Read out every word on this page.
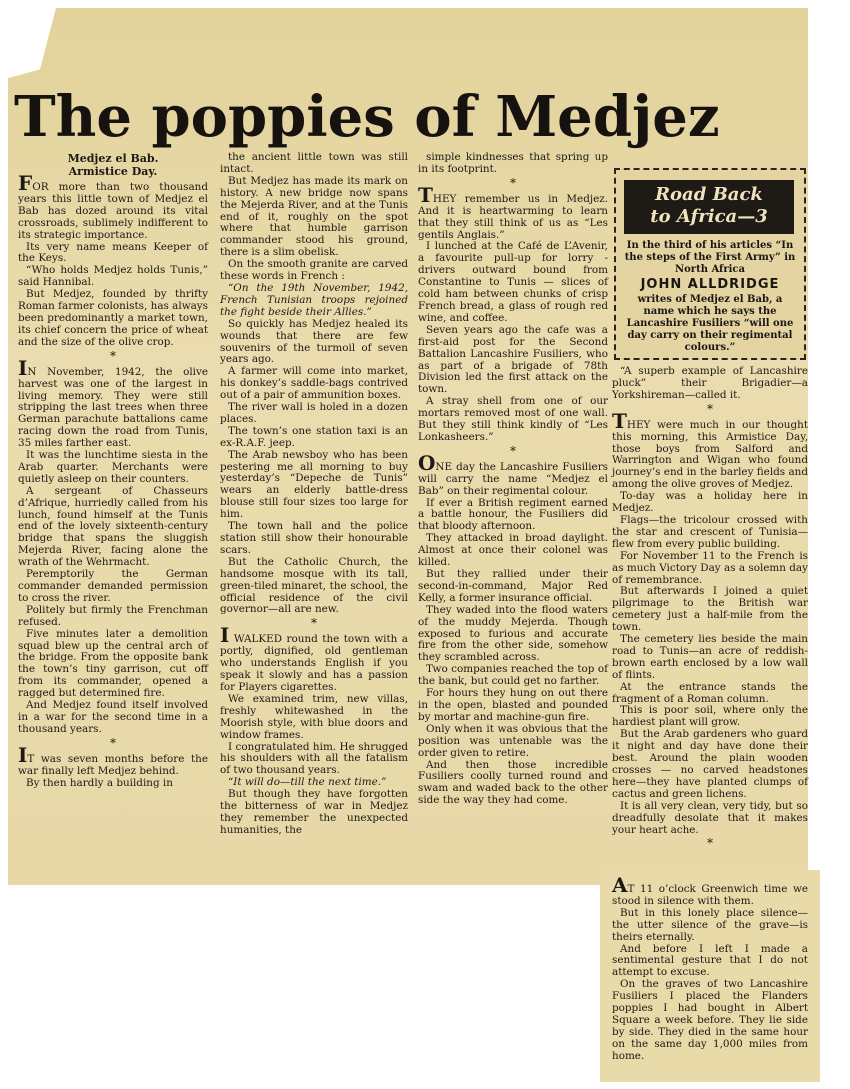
The poppies of Medjez
Road Back
to Africa—3
In the third of his articles “In the steps of the First Army” in North Africa
JOHN ALLDRIDGE
writes of Medjez el Bab, a name which he says the Lancashire Fusiliers “will one day carry on their regimental colours.”

Medjez el Bab.

Armistice Day.

FOR more than two thousand years this little town of Medjez el Bab has dozed around its vital crossroads, sublimely indifferent to its strategic importance.

Its very name means Keeper of the Keys.

“Who holds Medjez holds Tunis,” said Hannibal.

But Medjez, founded by thrifty Roman farmer colonists, has always been predominantly a market town, its chief concern the price of wheat and the size of the olive crop.

*

IN November, 1942, the olive harvest was one of the largest in living memory. They were still stripping the last trees when three German parachute battalions came racing down the road from Tunis, 35 miles farther east.

It was the lunchtime siesta in the Arab quarter. Merchants were quietly asleep on their counters.

A sergeant of Chasseurs d’Afrique, hurriedly called from his lunch, found himself at the Tunis end of the lovely sixteenth-century bridge that spans the sluggish Mejerda River, facing alone the wrath of the Wehrmacht.

Peremptorily the German commander demanded permission to cross the river.

Politely but firmly the Frenchman refused.

Five minutes later a demolition squad blew up the central arch of the bridge. From the opposite bank the town’s tiny garrison, cut off from its commander, opened a ragged but determined fire.

And Medjez found itself involved in a war for the second time in a thousand years.

*

IT was seven months before the war finally left Medjez behind.

By then hardly a building in

the ancient little town was still intact.

But Medjez has made its mark on history. A new bridge now spans the Mejerda River, and at the Tunis end of it, roughly on the spot where that humble garrison commander stood his ground, there is a slim obelisk.

On the smooth granite are carved these words in French :

“On the 19th November, 1942, French Tunisian troops rejoined the fight beside their Allies.”

So quickly has Medjez healed its wounds that there are few souvenirs of the turmoil of seven years ago.

A farmer will come into market, his donkey’s saddle-bags contrived out of a pair of ammunition boxes.

The river wall is holed in a dozen places.

The town’s one station taxi is an ex-R.A.F. jeep.

The Arab newsboy who has been pestering me all morning to buy yesterday’s “Depeche de Tunis” wears an elderly battle-dress blouse still four sizes too large for him.

The town hall and the police station still show their honourable scars.

But the Catholic Church, the handsome mosque with its tall, green-tiled minaret, the school, the official residence of the civil governor—all are new.

*

I WALKED round the town with a portly, dignified, old gentleman who understands English if you speak it slowly and has a passion for Players cigarettes.

We examined trim, new villas, freshly whitewashed in the Moorish style, with blue doors and window frames.

I congratulated him. He shrugged his shoulders with all the fatalism of two thousand years.

“It will do—till the next time.”

But though they have forgotten the bitterness of war in Medjez they remember the unexpected humanities, the

simple kindnesses that spring up in its footprint.

*

THEY remember us in Medjez. And it is heartwarming to learn that they still think of us as “Les gentils Anglais.”

I lunched at the Café de L’Avenir, a favourite pull-up for lorry - drivers outward bound from Constantine to Tunis — slices of cold ham between chunks of crisp French bread, a glass of rough red wine, and coffee.

Seven years ago the cafe was a first-aid post for the Second Battalion Lancashire Fusiliers, who as part of a brigade of 78th Division led the first attack on the town.

A stray shell from one of our mortars removed most of one wall. But they still think kindly of “Les Lonkasheers.”

*

ONE day the Lancashire Fusiliers will carry the name “Medjez el Bab” on their regimental colour.

If ever a British regiment earned a battle honour, the Fusiliers did that bloody afternoon.

They attacked in broad daylight. Almost at once their colonel was killed.

But they rallied under their second-in-command, Major Red Kelly, a former insurance official.

They waded into the flood waters of the muddy Mejerda. Though exposed to furious and accurate fire from the other side, somehow they scrambled across.

Two companies reached the top of the bank, but could get no farther.

For hours they hung on out there in the open, blasted and pounded by mortar and machine-gun fire.

Only when it was obvious that the position was untenable was the order given to retire.

And then those incredible Fusiliers coolly turned round and swam and waded back to the other side the way they had come.

“A superb example of Lancashire pluck” their Brigadier—a Yorkshireman—called it.

*

THEY were much in our thought this morning, this Armistice Day, those boys from Salford and Warrington and Wigan who found journey’s end in the barley fields and among the olive groves of Medjez.

To-day was a holiday here in Medjez.

Flags—the tricolour crossed with the star and crescent of Tunisia—flew from every public building.

For November 11 to the French is as much Victory Day as a solemn day of remembrance.

But afterwards I joined a quiet pilgrimage to the British war cemetery just a half-mile from the town.

The cemetery lies beside the main road to Tunis—an acre of reddish-brown earth enclosed by a low wall of flints.

At the entrance stands the fragment of a Roman column.

This is poor soil, where only the hardiest plant will grow.

But the Arab gardeners who guard it night and day have done their best. Around the plain wooden crosses — no carved headstones here—they have planted clumps of cactus and green lichens.

It is all very clean, very tidy, but so dreadfully desolate that it makes your heart ache.

*

AT 11 o’clock Greenwich time we stood in silence with them.

But in this lonely place silence—the utter silence of the grave—is theirs eternally.

And before I left I made a sentimental gesture that I do not attempt to excuse.

On the graves of two Lancashire Fusiliers I placed the Flanders poppies I had bought in Albert Square a week before. They lie side by side. They died in the same hour on the same day 1,000 miles from home.
